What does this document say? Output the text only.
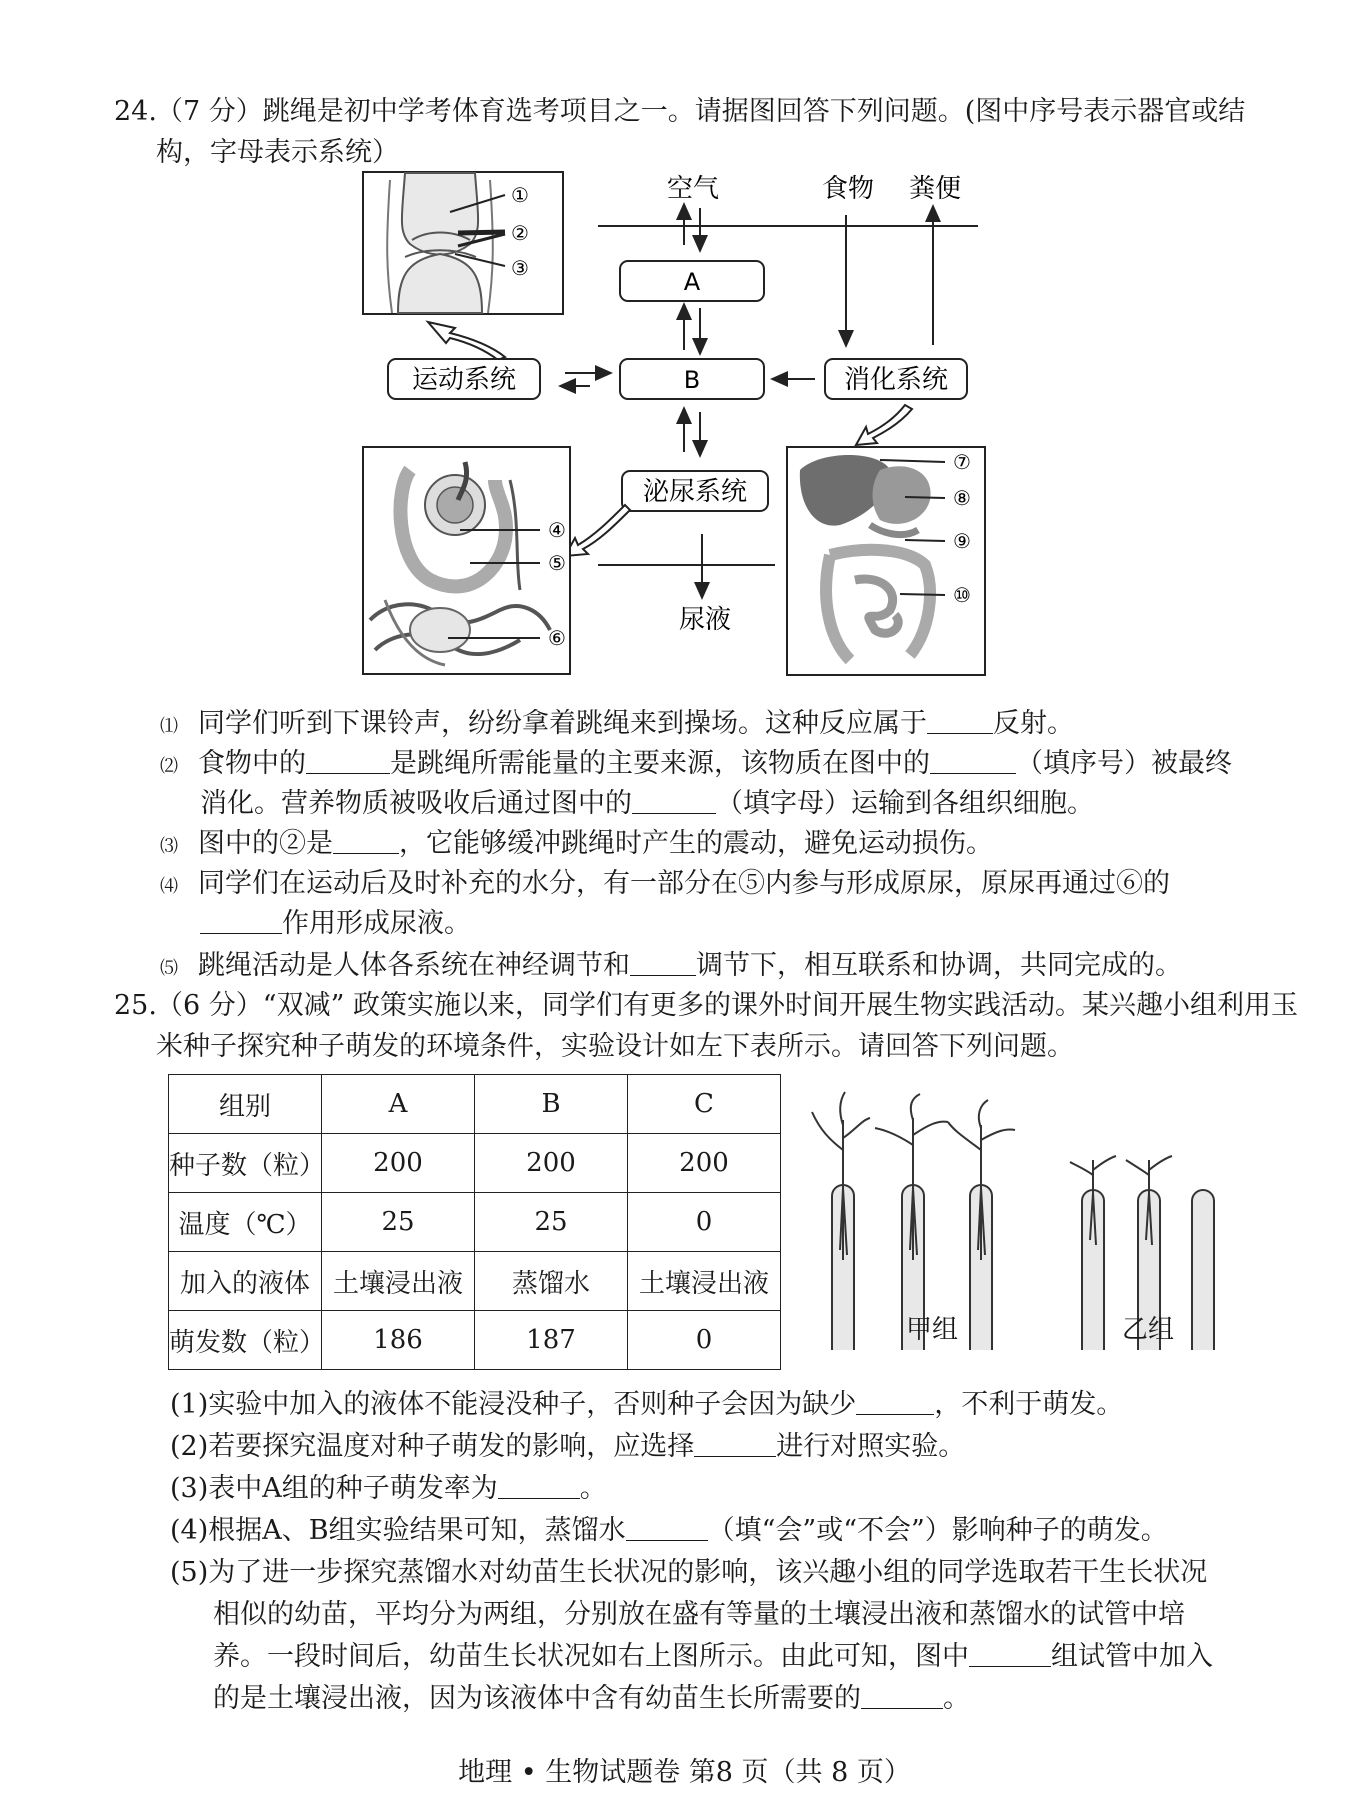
24. （7 分）跳绳是初中学考体育选考项目之一。请据图回答下列问题。(图中序号表示器官或结
构，字母表示系统）
①
②
③
空气	食物 粪便
A
B
运动系统	消化系统
泌尿系统
尿液
④
⑤
⑥
⑦
⑧
⑨
⑩
⑴ 同学们听到下课铃声，纷纷拿着跳绳来到操场。这种反应属于 反射。
⑵ 食物中的	是跳绳所需能量的主要来源，该物质在图中的	（填序号）被最终
消化。营养物质被吸收后通过图中的	（填字母）运输到各组织细胞。
⑶ 图中的②是 ，它能够缓冲跳绳时产生的震动，避免运动损伤。
⑷ 同学们在运动后及时补充的水分，有一部分在⑤内参与形成原尿，原尿再通过⑥的
作用形成尿液。
⑸ 跳绳活动是人体各系统在神经调节和 调节下，相互联系和协调，共同完成的。
25. （6 分）“双减” 政策实施以来，同学们有更多的课外时间开展生物实践活动。某兴趣小组利用玉
米种子探究种子萌发的环境条件，实验设计如左下表所示。请回答下列问题。
组别	A	B	C
种子数（粒）	200	200	200
温度（℃）	25	25	0
加入的液体	土壤浸出液	蒸馏水	土壤浸出液
萌发数（粒）	186	187	0	甲组	乙组
(1)实验中加入的液体不能浸没种子，否则种子会因为缺少	，不利于萌发。
(2)若要探究温度对种子萌发的影响，应选择	进行对照实验。
(3)表中A组的种子萌发率为	。
(4)根据A、B组实验结果可知，蒸馏水	（填“会”或“不会”）影响种子的萌发。
(5)为了进一步探究蒸馏水对幼苗生长状况的影响，该兴趣小组的同学选取若干生长状况
相似的幼苗，平均分为两组，分别放在盛有等量的土壤浸出液和蒸馏水的试管中培
养。一段时间后，幼苗生长状况如右上图所示。由此可知，图中	组试管中加入
的是土壤浸出液，因为该液体中含有幼苗生长所需要的	。
地理 • 生物试题卷 第8 页（共 8 页）
